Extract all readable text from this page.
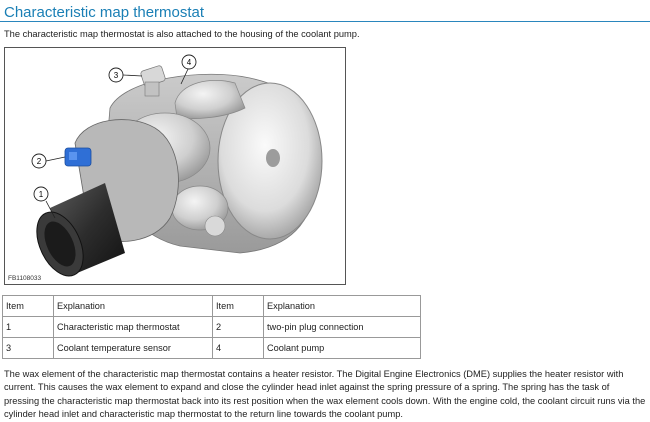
Characteristic map thermostat
The characteristic map thermostat is also attached to the housing of the coolant pump.
1
2
3
4
FB1108033
Item	Explanation	Item	Explanation
1	Characteristic map thermostat	2	two-pin plug connection
3	Coolant temperature sensor	4	Coolant pump
The wax element of the characteristic map thermostat contains a heater resistor. The Digital Engine Electronics (DME) supplies the heater resistor with current. This causes the wax element to expand and close the cylinder head inlet against the spring pressure of a spring. The spring has the task of pressing the characteristic map thermostat back into its rest position when the wax element cools down. With the engine cold, the coolant circuit runs via the cylinder head inlet and characteristic map thermostat to the return line towards the coolant pump.
